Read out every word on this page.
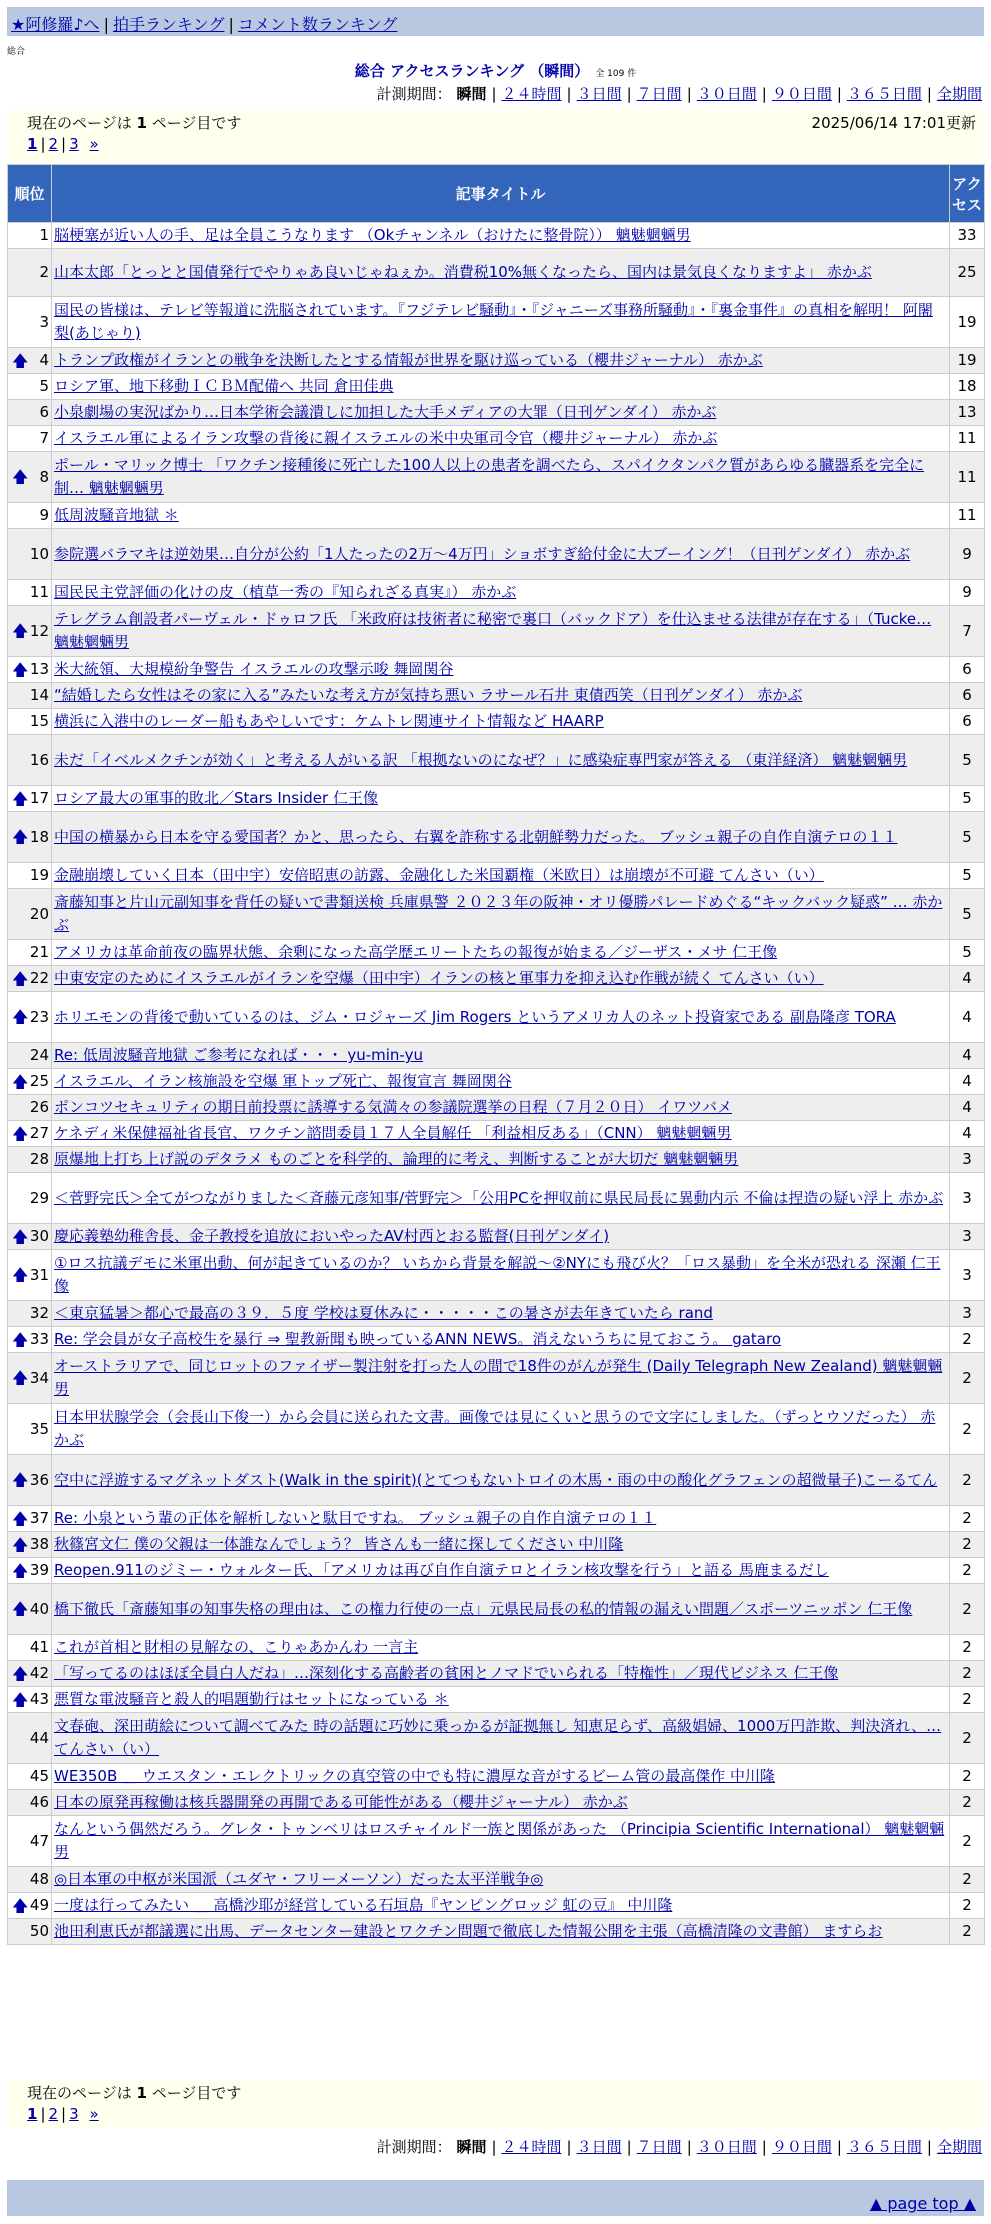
★阿修羅♪へ | 拍手ランキング | コメント数ランキング
総合
総合 アクセスランキング （瞬間） 全 109 件
計測期間： 瞬間 | ２４時間 | ３日間 | ７日間 | ３０日間 | ９０日間 | ３６５日間 | 全期間
現在のページは 1 ページ目です	2025/06/14 17:01更新
1 | 2 | 3 »
順位	記事タイトル	アクセス
1	脳梗塞が近い人の手、足は全員こうなります （Okチャンネル（おけたに整骨院）） 魑魅魍魎男	33
2	山本太郎「とっとと国債発行でやりゃあ良いじゃねぇか。消費税10%無くなったら、国内は景気良くなりますよ」 赤かぶ	25
3	国民の皆様は、テレビ等報道に洗脳されています。『フジテレビ騒動』・『ジャニーズ事務所騒動』・『裏金事件』の真相を解明！ 阿闍梨(あじゃり)	19

🡅 4	トランプ政権がイランとの戦争を決断したとする情報が世界を駆け巡っている（櫻井ジャーナル） 赤かぶ	19
5	ロシア軍、地下移動ＩＣＢＭ配備へ 共同 倉田佳典	18
6	小泉劇場の実況ばかり…日本学術会議潰しに加担した大手メディアの大罪（日刊ゲンダイ） 赤かぶ	13
7	イスラエル軍によるイラン攻撃の背後に親イスラエルの米中央軍司令官（櫻井ジャーナル） 赤かぶ	11

🡅 8	ポール・マリック博士 「ワクチン接種後に死亡した100人以上の患者を調べたら、スパイクタンパク質があらゆる臓器系を完全に制… 魑魅魍魎男	11
9	低周波騒音地獄 ＊	11
10	参院選バラマキは逆効果…自分が公約「1人たったの2万〜4万円」ショボすぎ給付金に大ブーイング！（日刊ゲンダイ） 赤かぶ	9
11	国民民主党評価の化けの皮（植草一秀の『知られざる真実』） 赤かぶ	9

🡅 12	テレグラム創設者パーヴェル・ドゥロフ氏 「米政府は技術者に秘密で裏口（バックドア）を仕込ませる法律が存在する」（Tucke… 魑魅魍魎男	7

🡅 13	米大統領、大規模紛争警告 イスラエルの攻撃示唆 舞岡関谷	6
14	“結婚したら女性はその家に入る”みたいな考え方が気持ち悪い ラサール石井 東債西笑（日刊ゲンダイ） 赤かぶ	6
15	横浜に入港中のレーダー船もあやしいです：ケムトレ関連サイト情報など HAARP	6
16	未だ「イベルメクチンが効く」と考える人がいる訳 「根拠ないのになぜ？」に感染症専門家が答える （東洋経済） 魑魅魍魎男	5

🡅 17	ロシア最大の軍事的敗北／Stars Insider 仁王像	5

🡅 18	中国の横暴から日本を守る愛国者？かと、思ったら、右翼を詐称する北朝鮮勢力だった。 ブッシュ親子の自作自演テロの１１	5
19	金融崩壊していく日本（田中宇）安倍昭恵の訪露、金融化した米国覇権（米欧日）は崩壊が不可避 てんさい（い）	5
20	斎藤知事と片山元副知事を背任の疑いで書類送検 兵庫県警 ２０２３年の阪神・オリ優勝パレードめぐる“キックバック疑惑” … 赤かぶ	5
21	アメリカは革命前夜の臨界状態、余剰になった高学歴エリートたちの報復が始まる／ジーザス・メサ 仁王像	5

🡅 22	中東安定のためにイスラエルがイランを空爆（田中宇）イランの核と軍事力を抑え込む作戦が続く てんさい（い）	4

🡅 23	ホリエモンの背後で動いているのは、ジム・ロジャーズ Jim Rogers というアメリカ人のネット投資家である 副島隆彦 TORA	4
24	Re: 低周波騒音地獄 ご参考になれば・・・ yu-min-yu	4

🡅 25	イスラエル、イラン核施設を空爆 軍トップ死亡、報復宣言 舞岡関谷	4
26	ポンコツセキュリティの期日前投票に誘導する気満々の参議院選挙の日程（７月２０日） イワツバメ	4

🡅 27	ケネディ米保健福祉省長官、ワクチン諮問委員１７人全員解任 「利益相反ある」（CNN） 魑魅魍魎男	4
28	原爆地上打ち上げ説のデタラメ ものごとを科学的、論理的に考え、判断することが大切だ 魑魅魍魎男	3
29	＜菅野完氏＞全てがつながりました＜斉藤元彦知事/菅野完＞「公用PCを押収前に県民局長に異動内示 不倫は捏造の疑い浮上 赤かぶ	3

🡅 30	慶応義塾幼稚舎長、金子教授を追放においやったAV村西とおる監督(日刊ゲンダイ)	3

🡅 31	①ロス抗議デモに米軍出動、何が起きているのか？ いちから背景を解説〜②NYにも飛び火？「ロス暴動」を全米が恐れる 深瀬 仁王像	3
32	＜東京猛暑＞都心で最高の３９．５度 学校は夏休みに・・・・・この暑さが去年きていたら rand	3

🡅 33	Re: 学会員が女子高校生を暴行 ⇒ 聖教新聞も映っているANN NEWS。消えないうちに見ておこう。 gataro	2

🡅 34	オーストラリアで、同じロットのファイザー製注射を打った人の間で18件のがんが発生 (Daily Telegraph New Zealand) 魑魅魍魎男	2
35	日本甲状腺学会（会長山下俊一）から会員に送られた文書。画像では見にくいと思うので文字にしました。（ずっとウソだった） 赤かぶ	2

🡅 36	空中に浮遊するマグネットダスト(Walk in the spirit)(とてつもないトロイの木馬・雨の中の酸化グラフェンの超微量子)こーるてん	2

🡅 37	Re: 小泉という輩の正体を解析しないと駄目ですね。 ブッシュ親子の自作自演テロの１１	2

🡅 38	秋篠宮文仁 僕の父親は一体誰なんでしょう？ 皆さんも一緒に探してください 中川隆	2

🡅 39	Reopen.911のジミー・ウォルター氏、「アメリカは再び自作自演テロとイラン核攻撃を行う」と語る 馬鹿まるだし	2

🡅 40	橋下徹氏「斎藤知事の知事失格の理由は、この権力行使の一点」元県民局長の私的情報の漏えい問題／スポーツニッポン 仁王像	2
41	これが首相と財相の見解なの、こりゃあかんわ 一言主	2

🡅 42	「写ってるのはほぼ全員白人だね」…深刻化する高齢者の貧困とノマドでいられる「特権性」／現代ビジネス 仁王像	2

🡅 43	悪質な電波騒音と殺人的唱題勤行はセットになっている ＊	2
44	文春砲、深田萌絵について調べてみた 時の話題に巧妙に乗っかるが証拠無し 知恵足らず、高級娼婦、1000万円詐欺、判決済れ、… てんさい（い）	2
45	WE350B ＿ ウエスタン・エレクトリックの真空管の中でも特に濃厚な音がするビーム管の最高傑作 中川隆	2
46	日本の原発再稼働は核兵器開発の再開である可能性がある（櫻井ジャーナル） 赤かぶ	2
47	なんという偶然だろう。グレタ・トゥンベリはロスチャイルド一族と関係があった （Principia Scientific International） 魑魅魍魎男	2
48	◎日本軍の中枢が米国派（ユダヤ・フリーメーソン）だった太平洋戦争◎	2

🡅 49	一度は行ってみたい ＿ 高橋沙耶が経営している石垣島『ヤンピングロッジ 虹の豆』 中川隆	2
50	池田利恵氏が都議選に出馬、データセンター建設とワクチン問題で徹底した情報公開を主張（高橋清隆の文書館） ますらお	2
現在のページは 1 ページ目です
1 | 2 | 3 »
計測期間： 瞬間 | ２４時間 | ３日間 | ７日間 | ３０日間 | ９０日間 | ３６５日間 | 全期間
▲ page top ▲
